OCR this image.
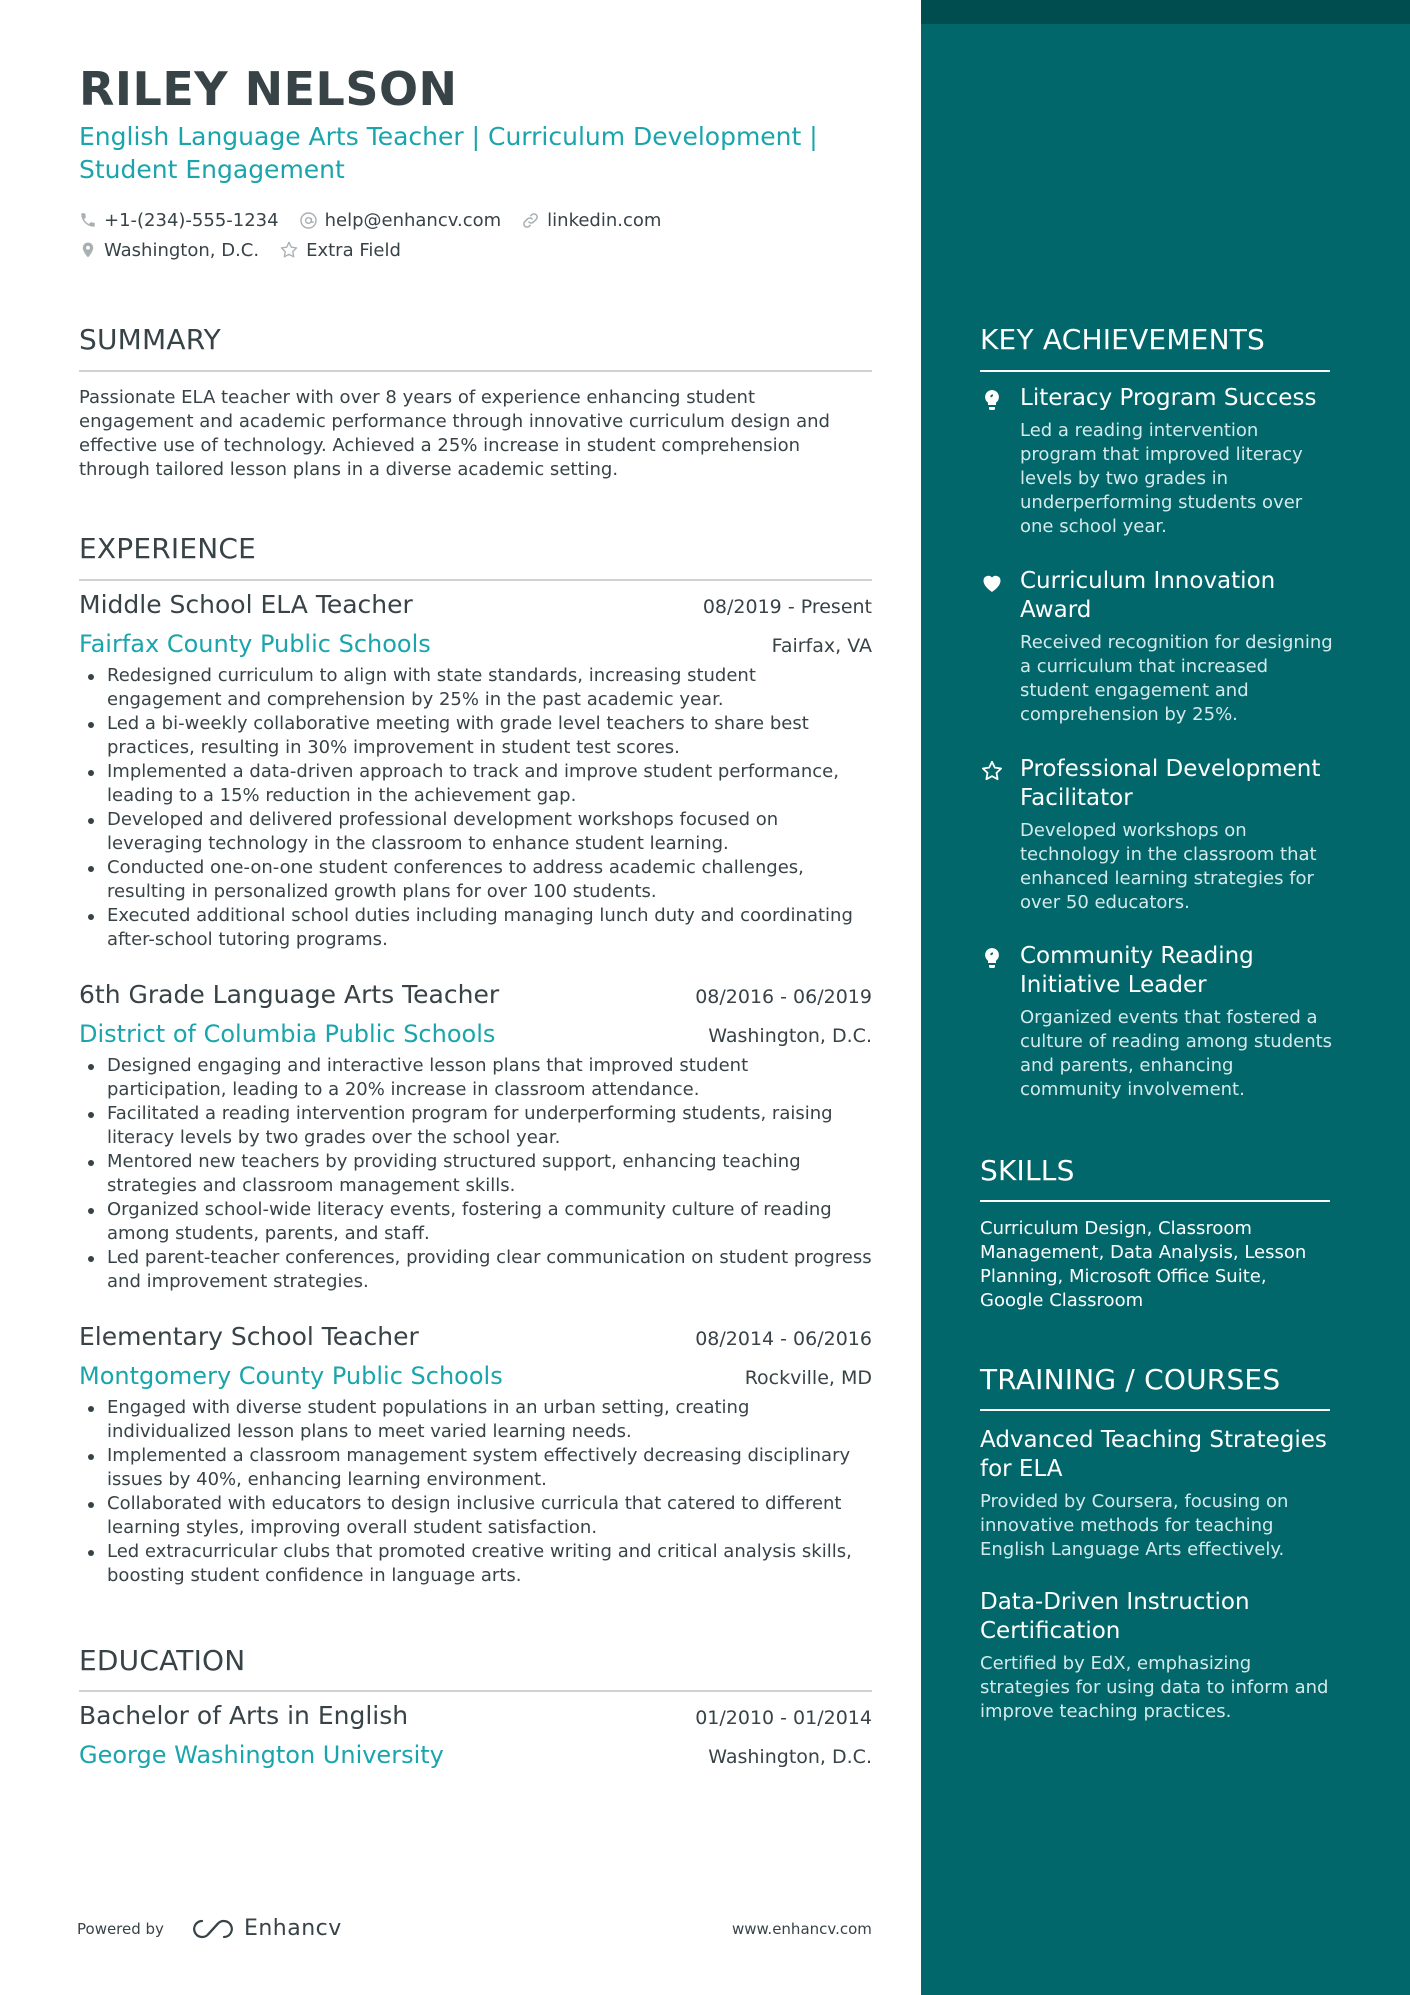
RILEY NELSON
English Language Arts Teacher | Curriculum Development | Student Engagement
+1-(234)-555-1234	help@enhancv.com	linkedin.com
Washington, D.C.	Extra Field
SUMMARY
Passionate ELA teacher with over 8 years of experience enhancing student engagement and academic performance through innovative curriculum design and effective use of technology. Achieved a 25% increase in student comprehension through tailored lesson plans in a diverse academic setting.
EXPERIENCE
Middle School ELA Teacher	08/2019 - Present
Fairfax County Public Schools	Fairfax, VA
Redesigned curriculum to align with state standards, increasing student engagement and comprehension by 25% in the past academic year.
Led a bi-weekly collaborative meeting with grade level teachers to share best practices, resulting in 30% improvement in student test scores.
Implemented a data-driven approach to track and improve student performance, leading to a 15% reduction in the achievement gap.
Developed and delivered professional development workshops focused on leveraging technology in the classroom to enhance student learning.
Conducted one-on-one student conferences to address academic challenges, resulting in personalized growth plans for over 100 students.
Executed additional school duties including managing lunch duty and coordinating after-school tutoring programs.
6th Grade Language Arts Teacher	08/2016 - 06/2019
District of Columbia Public Schools	Washington, D.C.
Designed engaging and interactive lesson plans that improved student participation, leading to a 20% increase in classroom attendance.
Facilitated a reading intervention program for underperforming students, raising literacy levels by two grades over the school year.
Mentored new teachers by providing structured support, enhancing teaching strategies and classroom management skills.
Organized school-wide literacy events, fostering a community culture of reading among students, parents, and staff.
Led parent-teacher conferences, providing clear communication on student progress and improvement strategies.
Elementary School Teacher	08/2014 - 06/2016
Montgomery County Public Schools	Rockville, MD
Engaged with diverse student populations in an urban setting, creating individualized lesson plans to meet varied learning needs.
Implemented a classroom management system effectively decreasing disciplinary issues by 40%, enhancing learning environment.
Collaborated with educators to design inclusive curricula that catered to different learning styles, improving overall student satisfaction.
Led extracurricular clubs that promoted creative writing and critical analysis skills, boosting student confidence in language arts.
EDUCATION
Bachelor of Arts in English	01/2010 - 01/2014
George Washington University	Washington, D.C.
Powered by	Enhancv	www.enhancv.com
KEY ACHIEVEMENTS
Literacy Program Success
Led a reading intervention program that improved literacy levels by two grades in underperforming students over one school year.
Curriculum Innovation Award
Received recognition for designing a curriculum that increased student engagement and comprehension by 25%.
Professional Development Facilitator
Developed workshops on technology in the classroom that enhanced learning strategies for over 50 educators.
Community Reading Initiative Leader
Organized events that fostered a culture of reading among students and parents, enhancing community involvement.
SKILLS
Curriculum Design, Classroom Management, Data Analysis, Lesson Planning, Microsoft Office Suite, Google Classroom
TRAINING / COURSES
Advanced Teaching Strategies for ELA
Provided by Coursera, focusing on innovative methods for teaching English Language Arts effectively.
Data-Driven Instruction Certification
Certified by EdX, emphasizing strategies for using data to inform and improve teaching practices.
